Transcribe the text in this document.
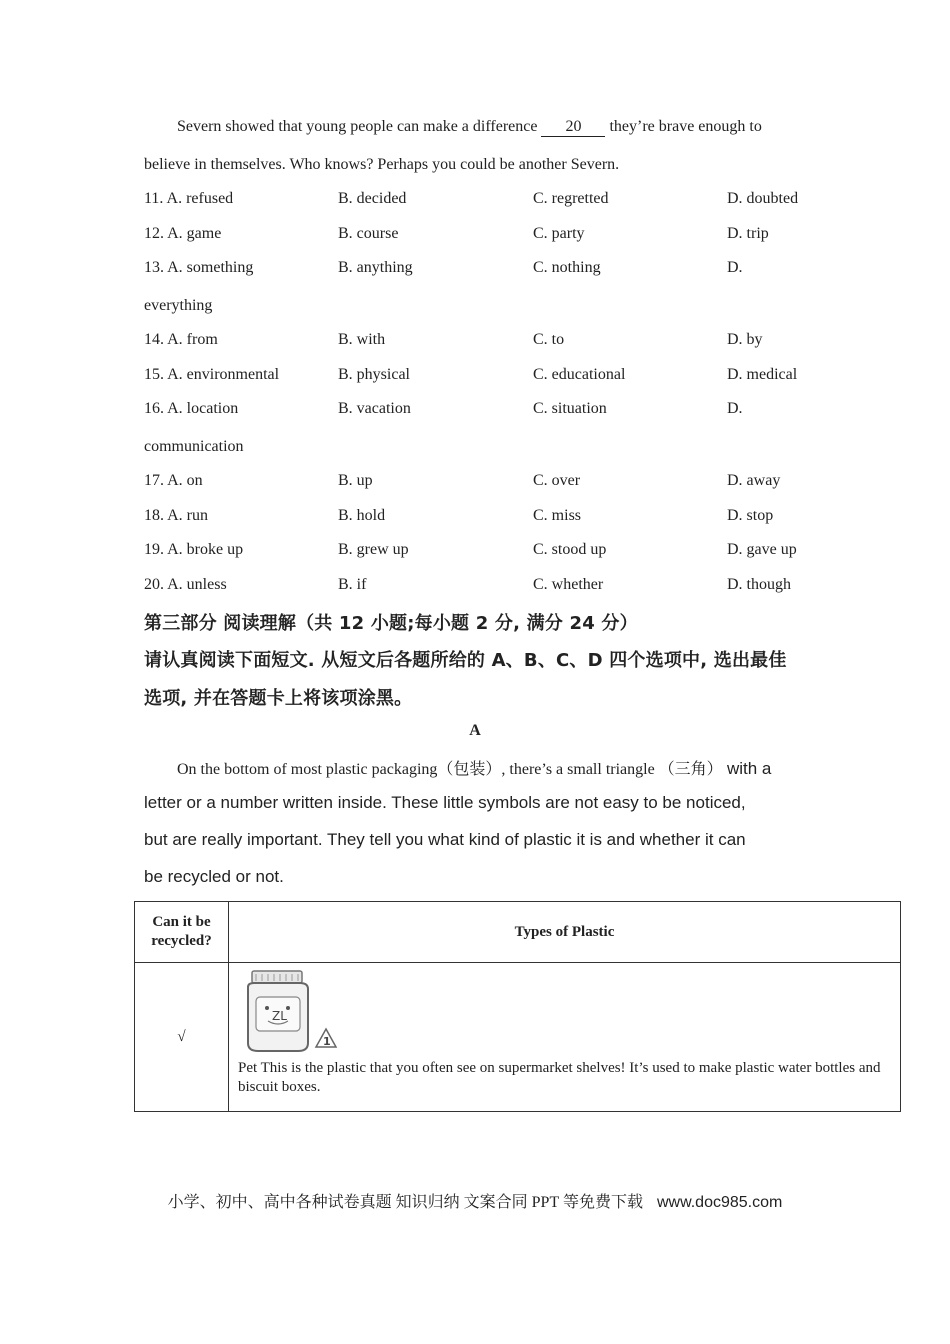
Severn showed that young people can make a difference 20 they’re brave enough to
believe in themselves. Who knows? Perhaps you could be another Severn.
11. A. refused	B. decided	C. regretted	D. doubted
12. A. game	B. course	C. party	D. trip
13. A. something	B. anything	C. nothing	D.
everything
14. A. from	B. with	C. to	D. by
15. A. environmental	B. physical	C. educational	D. medical
16. A. location	B. vacation	C. situation	D.
communication
17. A. on	B. up	C. over	D. away
18. A. run	B. hold	C. miss	D. stop
19. A. broke up	B. grew up	C. stood up	D. gave up
20. A. unless	B. if	C. whether	D. though
第三部分 阅读理解（共 12 小题;每小题 2 分, 满分 24 分）
请认真阅读下面短文. 从短文后各题所给的 A、B、C、D 四个选项中, 选出最佳
选项, 并在答题卡上将该项涂黑。
A
On the bottom of most plastic packaging（包装）, there’s a small triangle （三角） with a
letter or a number written inside. These little symbols are not easy to be noticed,
but are really important. They tell you what kind of plastic it is and whether it can
be recycled or not.
Can it be recycled?	Types of Plastic
√	ZL
1
Pet This is the plastic that you often see on supermarket shelves! It’s used to make plastic water bottles and biscuit boxes.
小学、初中、高中各种试卷真题 知识归纳 文案合同 PPT 等免费下载 www.doc985.com
